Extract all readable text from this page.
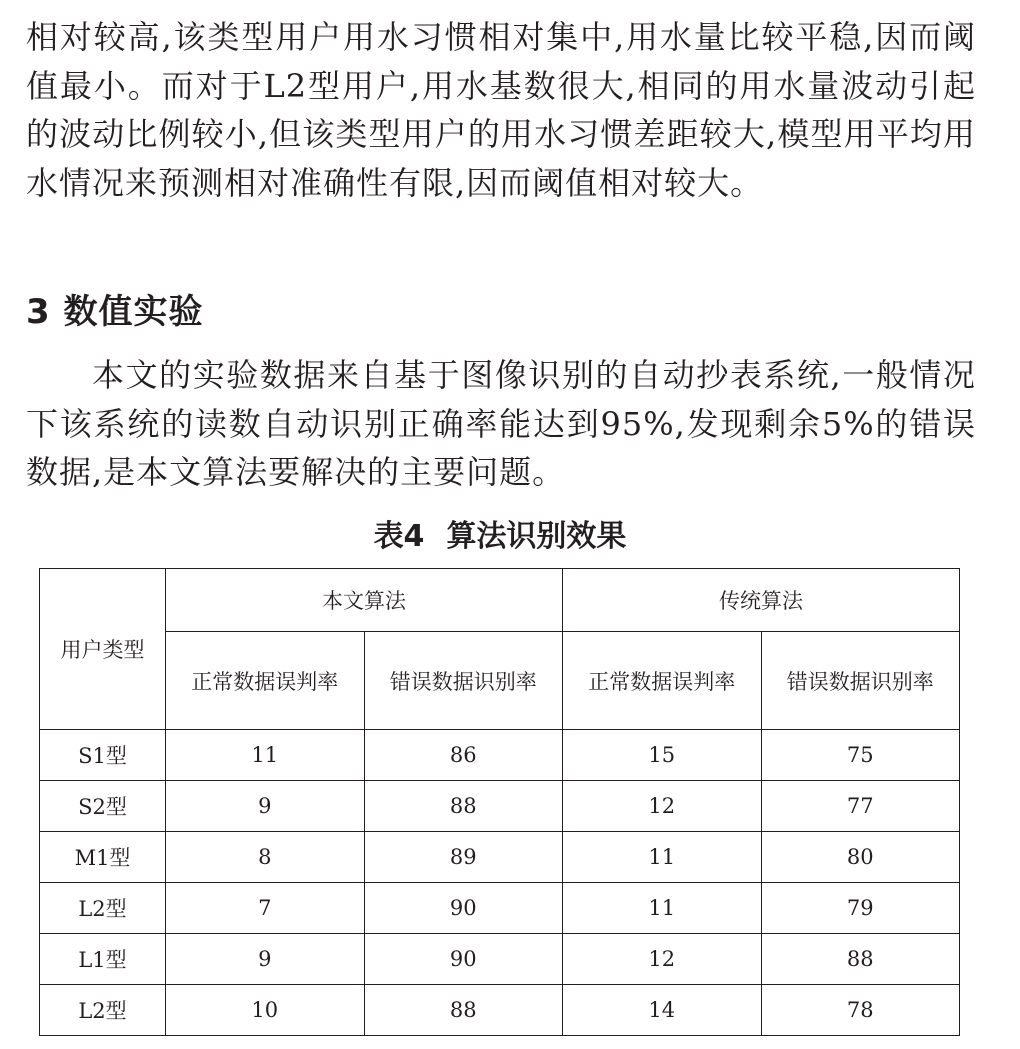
相对较高,该类型用户用水习惯相对集中,用水量比较平稳,因而阈值最小。而对于L2型用户,用水基数很大,相同的用水量波动引起的波动比例较小,但该类型用户的用水习惯差距较大,模型用平均用水情况来预测相对准确性有限,因而阈值相对较大。

3 数值实验

本文的实验数据来自基于图像识别的自动抄表系统,一般情况下该系统的读数自动识别正确率能达到95%,发现剩余5%的错误数据,是本文算法要解决的主要问题。

表4 算法识别效果
用户类型	本文算法		传统算法	
	正常数据误判率	错误数据识别率	正常数据误判率	错误数据识别率
S1型	11	86	15	75
S2型	9	88	12	77
M1型	8	89	11	80
L2型	7	90	11	79
L1型	9	90	12	88
L2型	10	88	14	78
